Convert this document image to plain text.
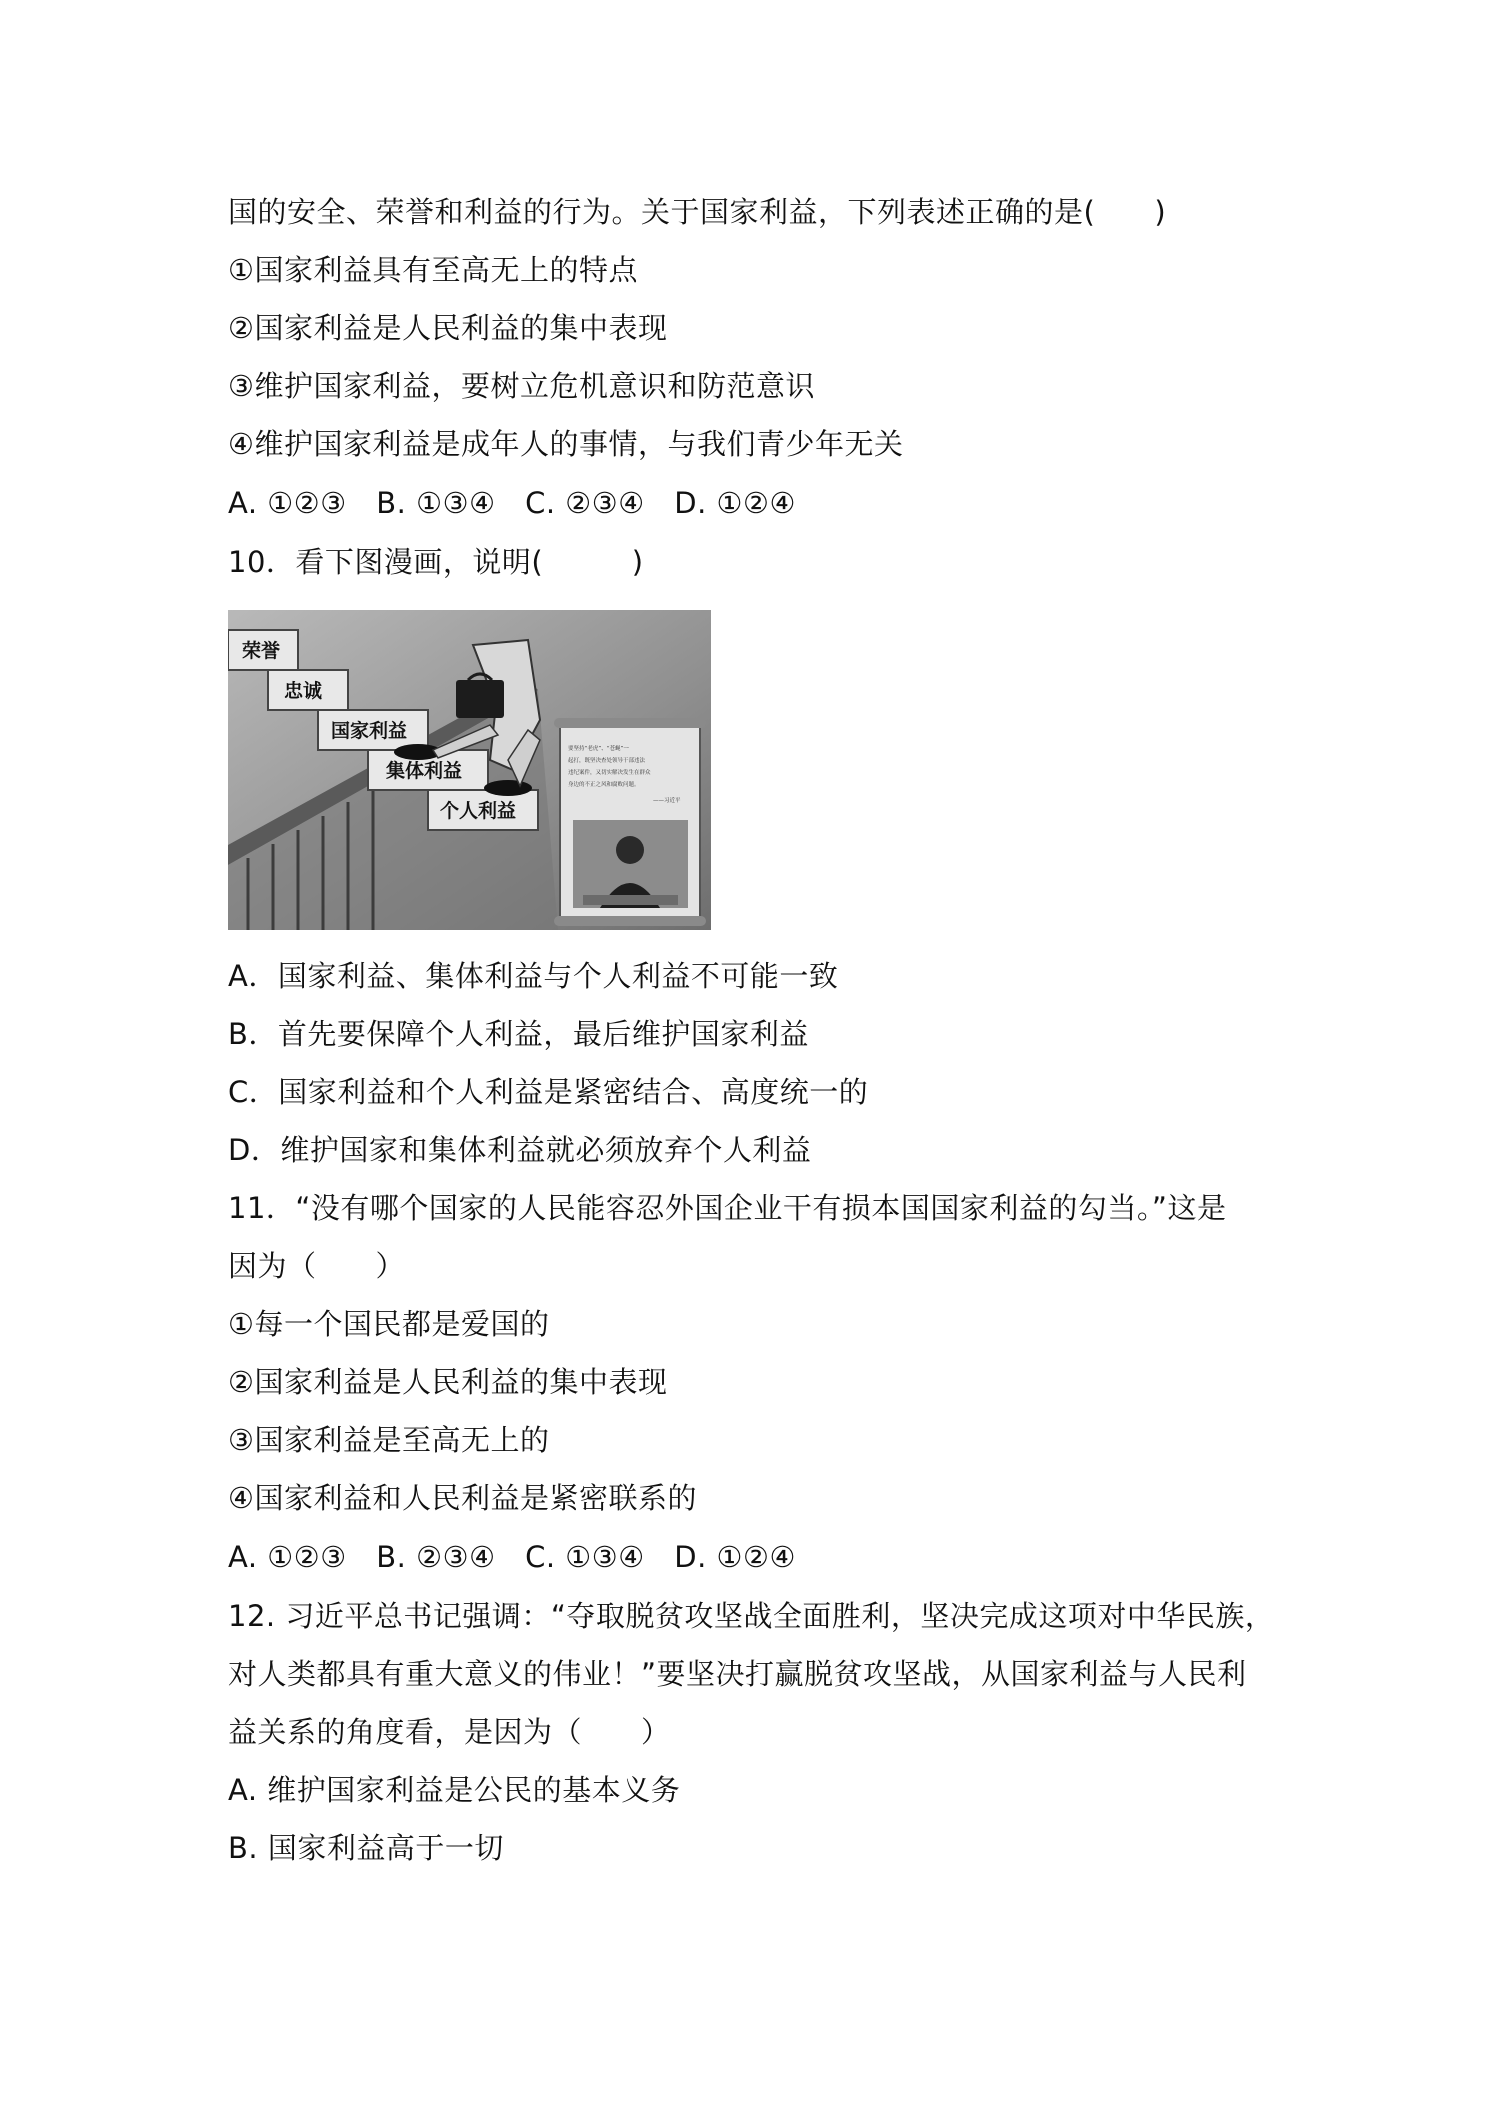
国的安全、荣誉和利益的行为。关于国家利益，下列表述正确的是(　　)
①国家利益具有至高无上的特点
②国家利益是人民利益的集中表现
③维护国家利益，要树立危机意识和防范意识
④维护国家利益是成年人的事情，与我们青少年无关
A. ①②③　B. ①③④　C. ②③④　D. ①②④
10．看下图漫画，说明(　　　)
荣誉
忠诚
国家利益
集体利益
个人利益
要坚持“老虎”、“苍蝇”一
起打，既坚决查处领导干部违法
违纪案件，又切实解决发生在群众
身边的不正之风和腐败问题。
——习近平
A．国家利益、集体利益与个人利益不可能一致
B．首先要保障个人利益，最后维护国家利益
C．国家利益和个人利益是紧密结合、高度统一的
D．维护国家和集体利益就必须放弃个人利益
11．“没有哪个国家的人民能容忍外国企业干有损本国国家利益的勾当。”这是
因为（　　）
①每一个国民都是爱国的
②国家利益是人民利益的集中表现
③国家利益是至高无上的
④国家利益和人民利益是紧密联系的
A. ①②③　B. ②③④　C. ①③④　D. ①②④
12. 习近平总书记强调：“夺取脱贫攻坚战全面胜利，坚决完成这项对中华民族，
对人类都具有重大意义的伟业！”要坚决打赢脱贫攻坚战，从国家利益与人民利
益关系的角度看，是因为（　　）
A. 维护国家利益是公民的基本义务
B. 国家利益高于一切
